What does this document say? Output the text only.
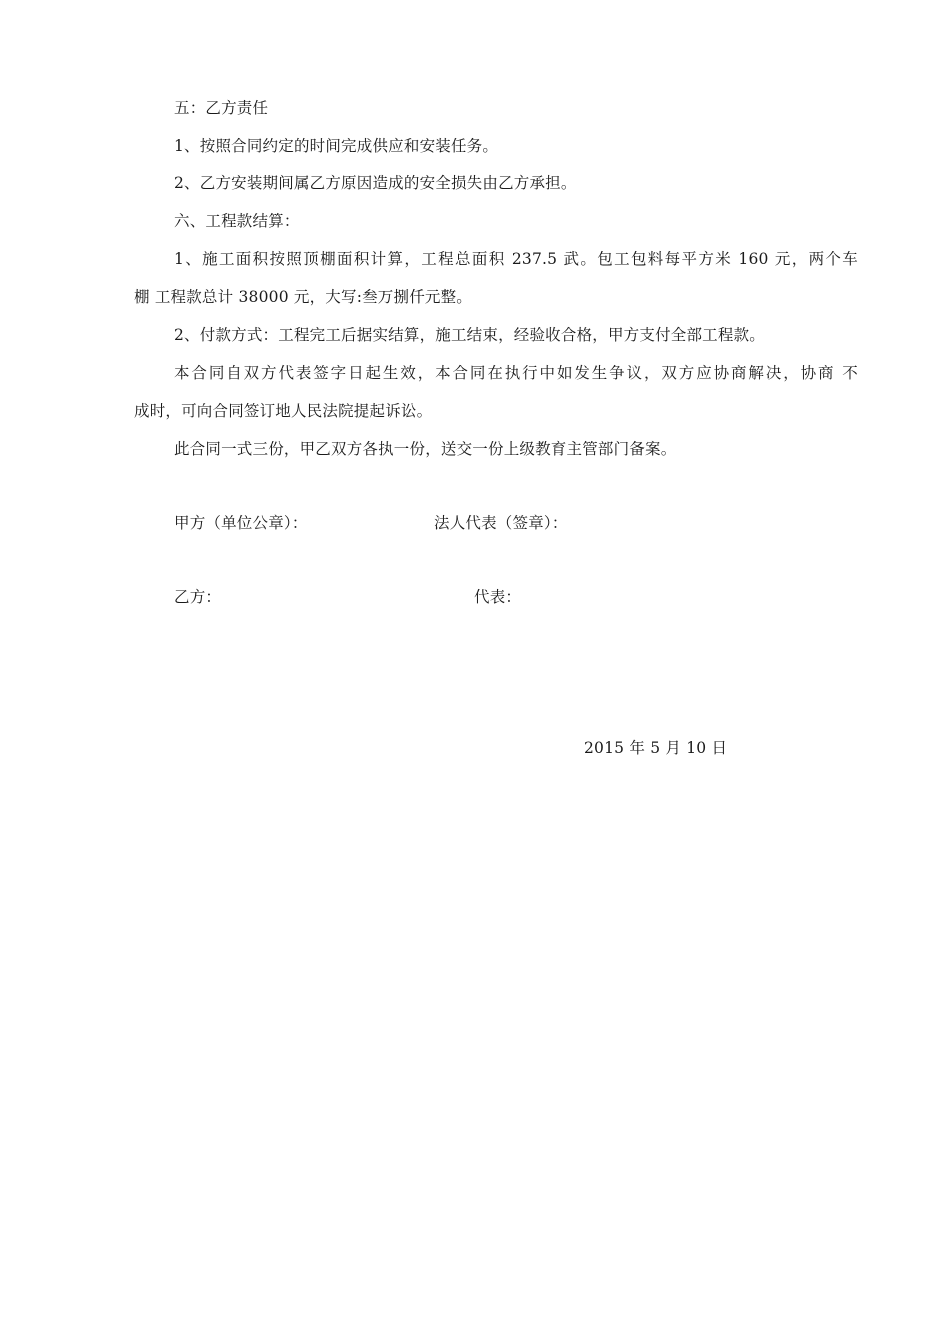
五：乙方责任
1、按照合同约定的时间完成供应和安装任务。
2、乙方安装期间属乙方原因造成的安全损失由乙方承担。
六、工程款结算：
1、施工面积按照顶棚面积计算，工程总面积 237.5 武。包工包料每平方米 160 元，两个车
棚 工程款总计 38000 元，大写:叁万捌仟元整。
2、付款方式：工程完工后据实结算，施工结束，经验收合格，甲方支付全部工程款。
本合同自双方代表签字日起生效，本合同在执行中如发生争议，双方应协商解决，协商 不
成时，可向合同签订地人民法院提起诉讼。
此合同一式三份，甲乙双方各执一份，送交一份上级教育主管部门备案。
甲方（单位公章）：	法人代表（签章）：
乙方：	代表：
2015 年 5 月 10 日
